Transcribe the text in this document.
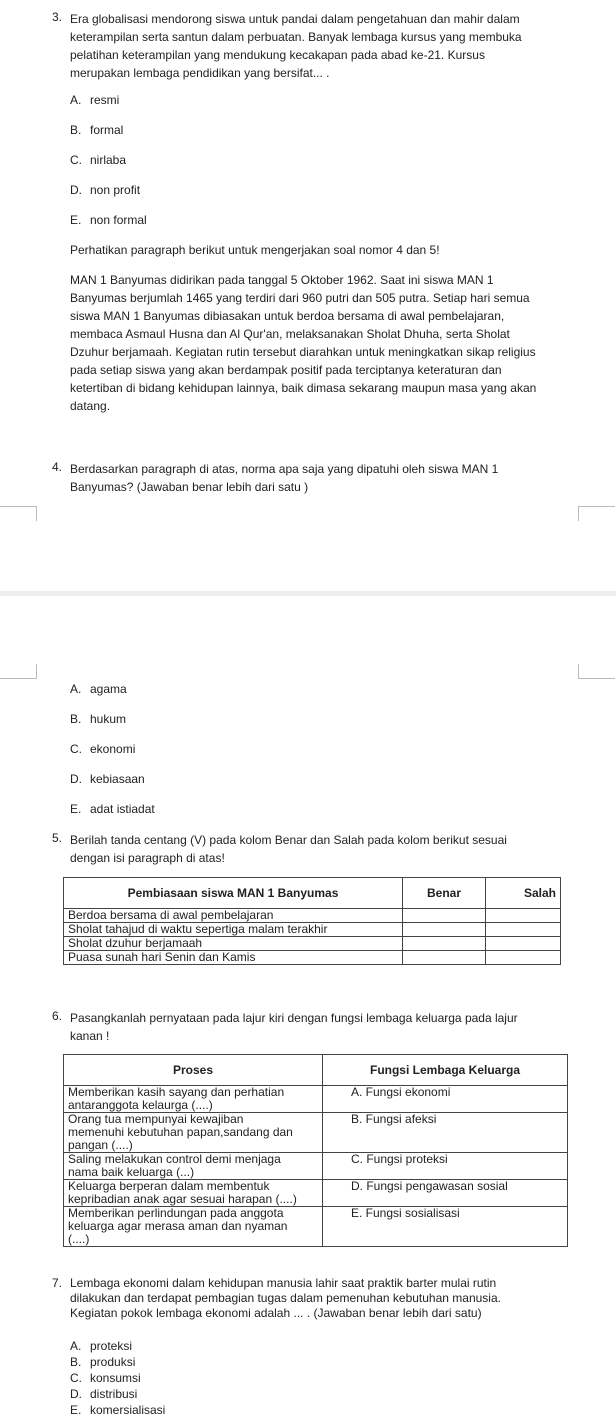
3. Era globalisasi mendorong siswa untuk pandai dalam pengetahuan dan mahir dalam
keterampilan serta santun dalam perbuatan. Banyak lembaga kursus yang membuka
pelatihan keterampilan yang mendukung kecakapan pada abad ke-21. Kursus
merupakan lembaga pendidikan yang bersifat... .
A. resmi
B. formal
C. nirlaba
D. non profit
E. non formal
Perhatikan paragraph berikut untuk mengerjakan soal nomor 4 dan 5!
MAN 1 Banyumas didirikan pada tanggal 5 Oktober 1962. Saat ini siswa MAN 1
Banyumas berjumlah 1465 yang terdiri dari 960 putri dan 505 putra. Setiap hari semua
siswa MAN 1 Banyumas dibiasakan untuk berdoa bersama di awal pembelajaran,
membaca Asmaul Husna dan Al Qur'an, melaksanakan Sholat Dhuha, serta Sholat
Dzuhur berjamaah. Kegiatan rutin tersebut diarahkan untuk meningkatkan sikap religius
pada setiap siswa yang akan berdampak positif pada terciptanya keteraturan dan
ketertiban di bidang kehidupan lainnya, baik dimasa sekarang maupun masa yang akan
datang.
4. Berdasarkan paragraph di atas, norma apa saja yang dipatuhi oleh siswa MAN 1
Banyumas? (Jawaban benar lebih dari satu )
A. agama
B. hukum
C. ekonomi
D. kebiasaan
E. adat istiadat
5. Berilah tanda centang (V) pada kolom Benar dan Salah pada kolom berikut sesuai
dengan isi paragraph di atas!
Pembiasaan siswa MAN 1 Banyumas	Benar	Salah
Berdoa bersama di awal pembelajaran		
Sholat tahajud di waktu sepertiga malam terakhir		
Sholat dzuhur berjamaah		
Puasa sunah hari Senin dan Kamis		
6. Pasangkanlah pernyataan pada lajur kiri dengan fungsi lembaga keluarga pada lajur
kanan !
Proses	Fungsi Lembaga Keluarga

Memberikan kasih sayang dan perhatian
antaranggota kelaurga (....)	A. Fungsi ekonomi

Orang tua mempunyai kewajiban
memenuhi kebutuhan papan,sandang dan
pangan (....)	B. Fungsi afeksi

Saling melakukan control demi menjaga
nama baik keluarga (...)	C. Fungsi proteksi

Keluarga berperan dalam membentuk
kepribadian anak agar sesuai harapan (....)	D. Fungsi pengawasan sosial

Memberikan perlindungan pada anggota
keluarga agar merasa aman dan nyaman
(....)	E. Fungsi sosialisasi
7. Lembaga ekonomi dalam kehidupan manusia lahir saat praktik barter mulai rutin
dilakukan dan terdapat pembagian tugas dalam pemenuhan kebutuhan manusia.
Kegiatan pokok lembaga ekonomi adalah ... . (Jawaban benar lebih dari satu)
A. proteksi
B. produksi
C. konsumsi
D. distribusi
E. komersialisasi
